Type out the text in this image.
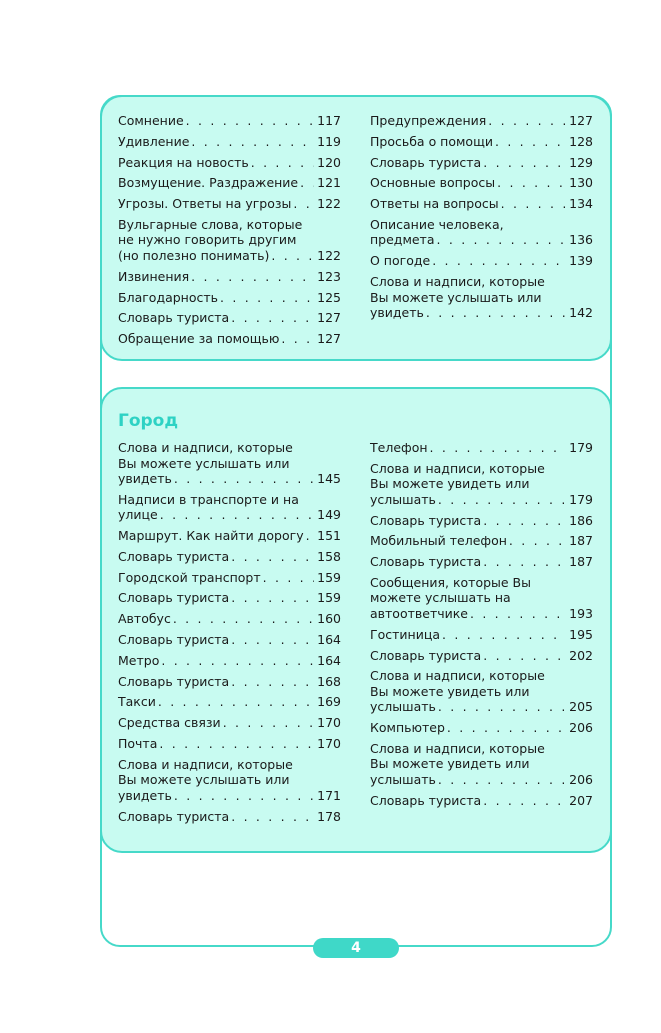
Сомнение . . .	117
Удивление . . .	119
Реакция на новость . . .	120
Возмущение. Раздражение . . . 121
Угрозы. Ответы на угрозы . . . 122
Вульгарные слова, которые
не нужно говорить другим
(но полезно понимать) . . .	122
Извинения . . .	123
Благодарность . . .	125
Словарь туриста . . .	127
Обращение за помощью . . .	127
Предупреждения . . .	127
Просьба о помощи . . .	128
Словарь туриста . . .	129
Основные вопросы . . .	130
Ответы на вопросы . . .	134
Описание человека,
предмета . . .	136
О погоде . . .	139
Слова и надписи, которые
Вы можете услышать или
увидеть . . .	142
Город
Слова и надписи, которые
Вы можете услышать или
увидеть . . .	145
Надписи в транспорте и на
улице . . .	149
Маршрут. Как найти дорогу . . . 151
Словарь туриста . . .	158
Городской транспорт . . .	159
Словарь туриста . . .	159
Автобус . . .	160
Словарь туриста . . .	164
Метро . . .	164
Словарь туриста . . .	168
Такси . . .	169
Средства связи . . .	170
Почта . . .	170
Слова и надписи, которые
Вы можете услышать или
увидеть . . .	171
Словарь туриста . . .	178
Телефон . . .	179
Слова и надписи, которые
Вы можете увидеть или
услышать . . .	179
Словарь туриста . . .	186
Мобильный телефон . . .	187
Словарь туриста . . .	187
Сообщения, которые Вы
можете услышать на
автоответчике . . .	193
Гостиница . . .	195
Словарь туриста . . .	202
Слова и надписи, которые
Вы можете увидеть или
услышать . . .	205
Компьютер . . .	206
Слова и надписи, которые
Вы можете увидеть или
услышать . . .	206
Словарь туриста . . .	207
4
